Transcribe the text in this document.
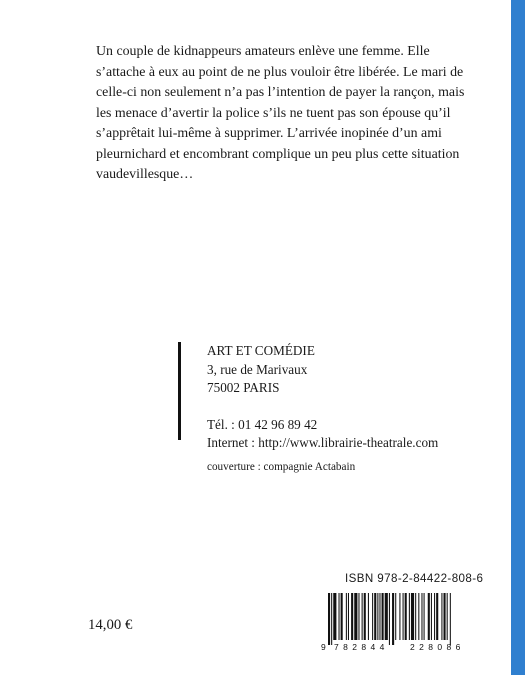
Un couple de kidnappeurs amateurs enlève une femme. Elle
s’attache à eux au point de ne plus vouloir être libérée. Le mari de
celle-ci non seulement n’a pas l’intention de payer la rançon, mais
les menace d’avertir la police s’ils ne tuent pas son épouse qu’il
s’apprêtait lui-même à supprimer. L’arrivée inopinée d’un ami
pleurnichard et encombrant complique un peu plus cette situation
vaudevillesque…
ART ET COMÉDIE
3, rue de Marivaux
75002 PARIS
Tél. : 01 42 96 89 42
Internet : http://www.librairie-theatrale.com
couverture : compagnie Actabain
ISBN 978-2-84422-808-6
9 782844 228086
14,00 €
